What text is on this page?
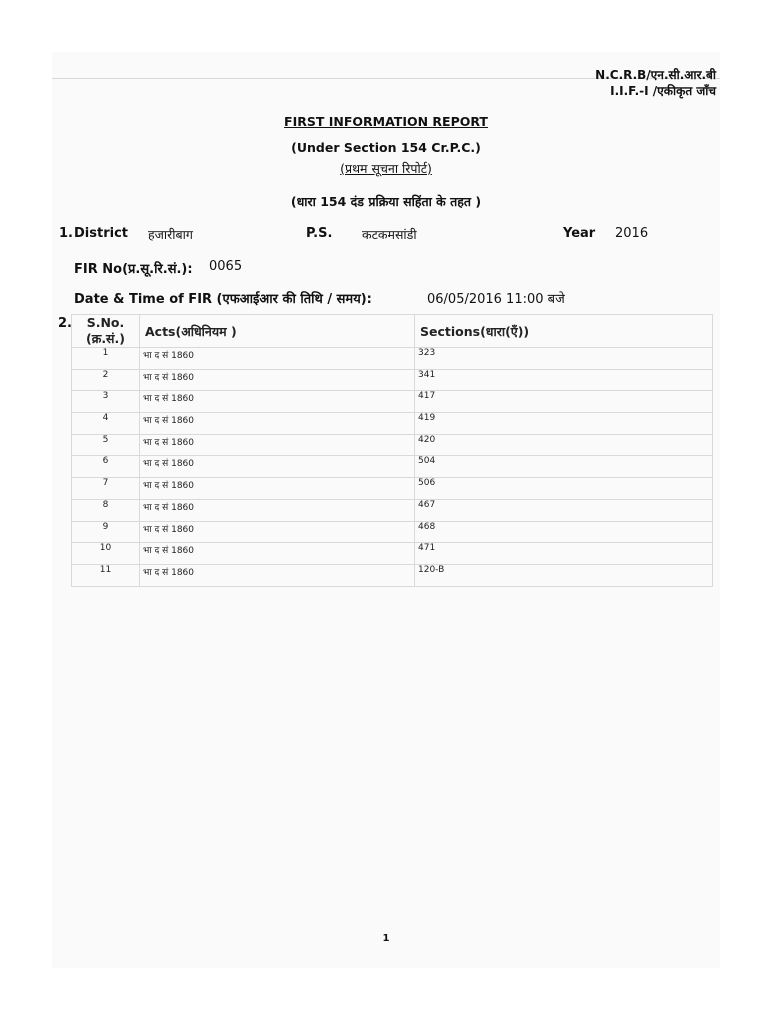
N.C.R.B/एन.सी.आर.बी
I.I.F.-I /एकीकृत जाँच
FIRST INFORMATION REPORT
(Under Section 154 Cr.P.C.)
(प्रथम सूचना रिपोर्ट)
(धारा 154 दंड प्रक्रिया सहिंता के तहत )
1. District हजारीबाग	P.S. कटकमसांडी	Year 2016
FIR No(प्र.सू.रि.सं.): 0065
Date & Time of FIR (एफआईआर की तिथि / समय):	06/05/2016 11:00 बजे
2. S.No.(क्र.सं.)	Acts(अधिनियम )	Sections(धारा(एँ))
1	भा द सं 1860	323
2	भा द सं 1860	341
3	भा द सं 1860	417
4	भा द सं 1860	419
5	भा द सं 1860	420
6	भा द सं 1860	504
7	भा द सं 1860	506
8	भा द सं 1860	467
9	भा द सं 1860	468
10	भा द सं 1860	471
11	भा द सं 1860	120-B
1
